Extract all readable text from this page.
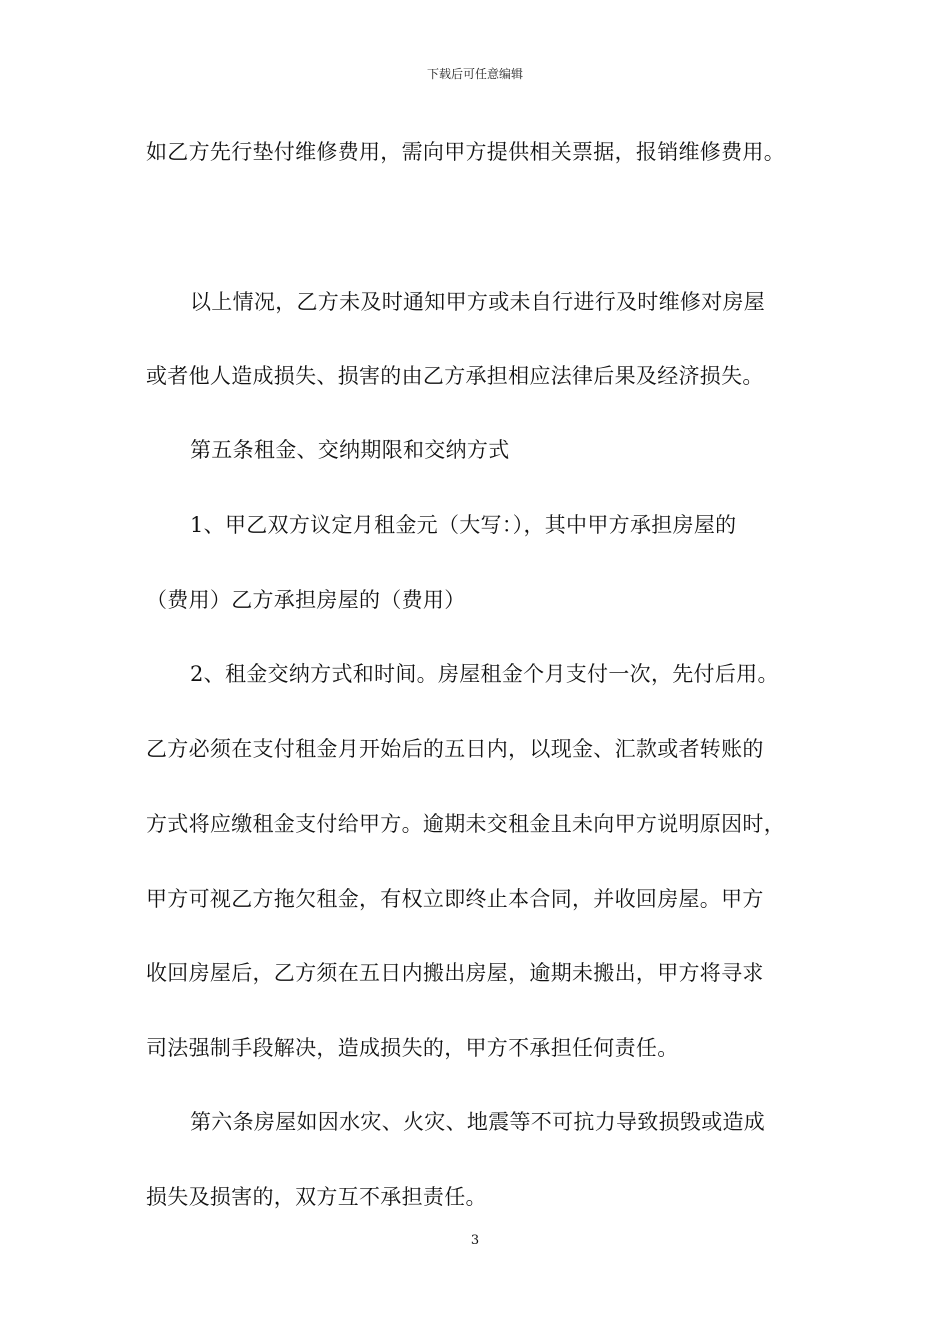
下载后可任意编辑
如乙方先行垫付维修费用，需向甲方提供相关票据，报销维修费用。
以上情况，乙方未及时通知甲方或未自行进行及时维修对房屋
或者他人造成损失、损害的由乙方承担相应法律后果及经济损失。
第五条租金、交纳期限和交纳方式
1、甲乙双方议定月租金元（大写：），其中甲方承担房屋的
（费用）乙方承担房屋的（费用）
2、租金交纳方式和时间。房屋租金个月支付一次，先付后用。
乙方必须在支付租金月开始后的五日内，以现金、汇款或者转账的
方式将应缴租金支付给甲方。逾期未交租金且未向甲方说明原因时，
甲方可视乙方拖欠租金，有权立即终止本合同，并收回房屋。甲方
收回房屋后，乙方须在五日内搬出房屋，逾期未搬出，甲方将寻求
司法强制手段解决，造成损失的，甲方不承担任何责任。
第六条房屋如因水灾、火灾、地震等不可抗力导致损毁或造成
损失及损害的，双方互不承担责任。
3
